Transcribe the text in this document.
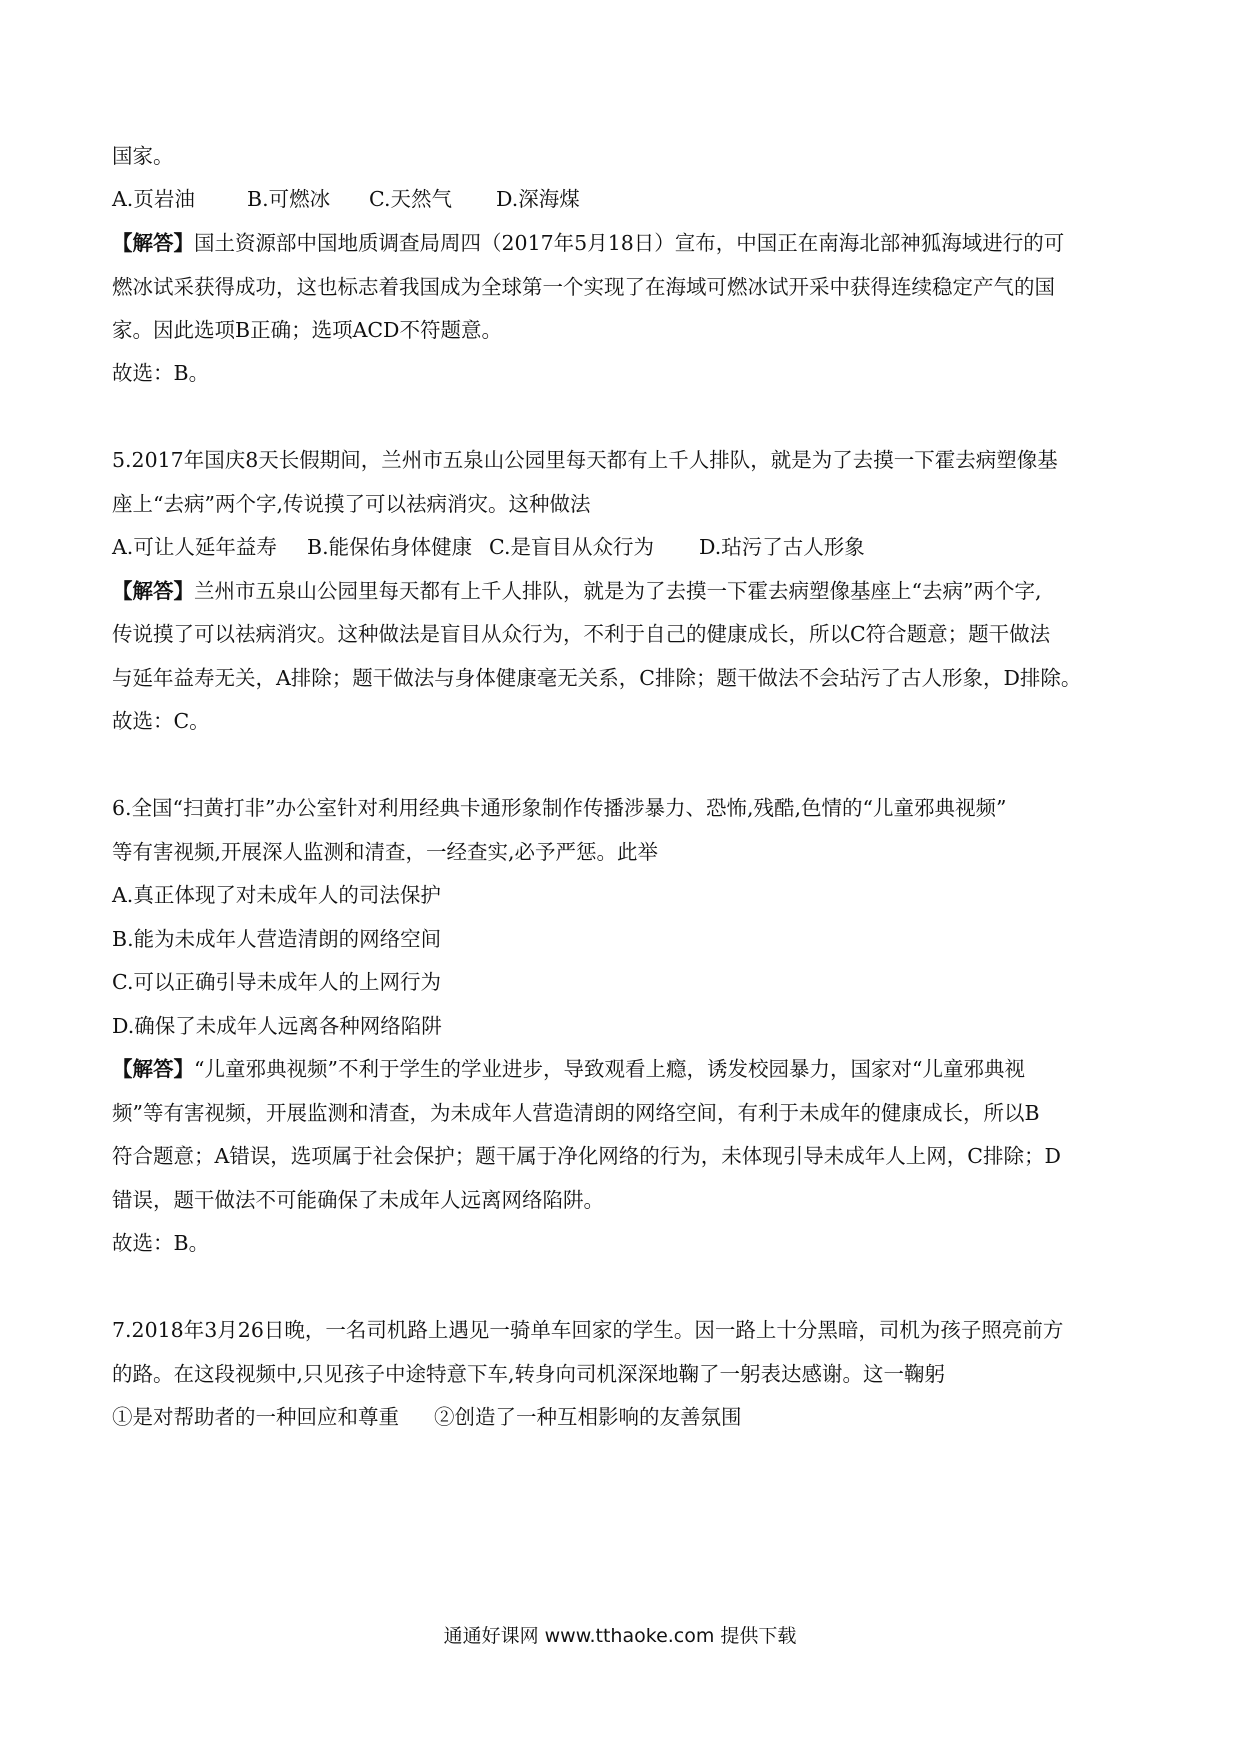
国家。
A.页岩油	B.可燃冰	C.天然气	D.深海煤
【解答】国土资源部中国地质调查局周四（2017年5月18日）宣布，中国正在南海北部神狐海域进行的可
燃冰试采获得成功，这也标志着我国成为全球第一个实现了在海域可燃冰试开采中获得连续稳定产气的国
家。因此选项B正确；选项ACD不符题意。
故选：B。
5.2017年国庆8天长假期间，兰州市五泉山公园里每天都有上千人排队，就是为了去摸一下霍去病塑像基
座上“去病”两个字,传说摸了可以祛病消灾。这种做法
A.可让人延年益寿	B.能保佑身体健康 C.是盲目从众行为	D.玷污了古人形象
【解答】兰州市五泉山公园里每天都有上千人排队，就是为了去摸一下霍去病塑像基座上“去病”两个字,
传说摸了可以祛病消灾。这种做法是盲目从众行为，不利于自己的健康成长，所以C符合题意；题干做法
与延年益寿无关，A排除；题干做法与身体健康毫无关系，C排除；题干做法不会玷污了古人形象，D排除。
故选：C。
6.全国“扫黄打非”办公室针对利用经典卡通形象制作传播涉暴力、恐怖,残酷,色情的“儿童邪典视频”
等有害视频,开展深人监测和清查，一经查实,必予严惩。此举
A.真正体现了对未成年人的司法保护
B.能为未成年人营造清朗的网络空间
C.可以正确引导未成年人的上网行为
D.确保了未成年人远离各种网络陷阱
【解答】“儿童邪典视频”不利于学生的学业进步，导致观看上瘾，诱发校园暴力，国家对“儿童邪典视
频”等有害视频，开展监测和清查，为未成年人营造清朗的网络空间，有利于未成年的健康成长，所以B
符合题意；A错误，选项属于社会保护；题干属于净化网络的行为，未体现引导未成年人上网，C排除；D
错误，题干做法不可能确保了未成年人远离网络陷阱。
故选：B。
7.2018年3月26日晚，一名司机路上遇见一骑单车回家的学生。因一路上十分黑暗，司机为孩子照亮前方
的路。在这段视频中,只见孩子中途特意下车,转身向司机深深地鞠了一躬表达感谢。这一鞠躬
①是对帮助者的一种回应和尊重	②创造了一种互相影响的友善氛围
通通好课网 www.tthaoke.com 提供下载
